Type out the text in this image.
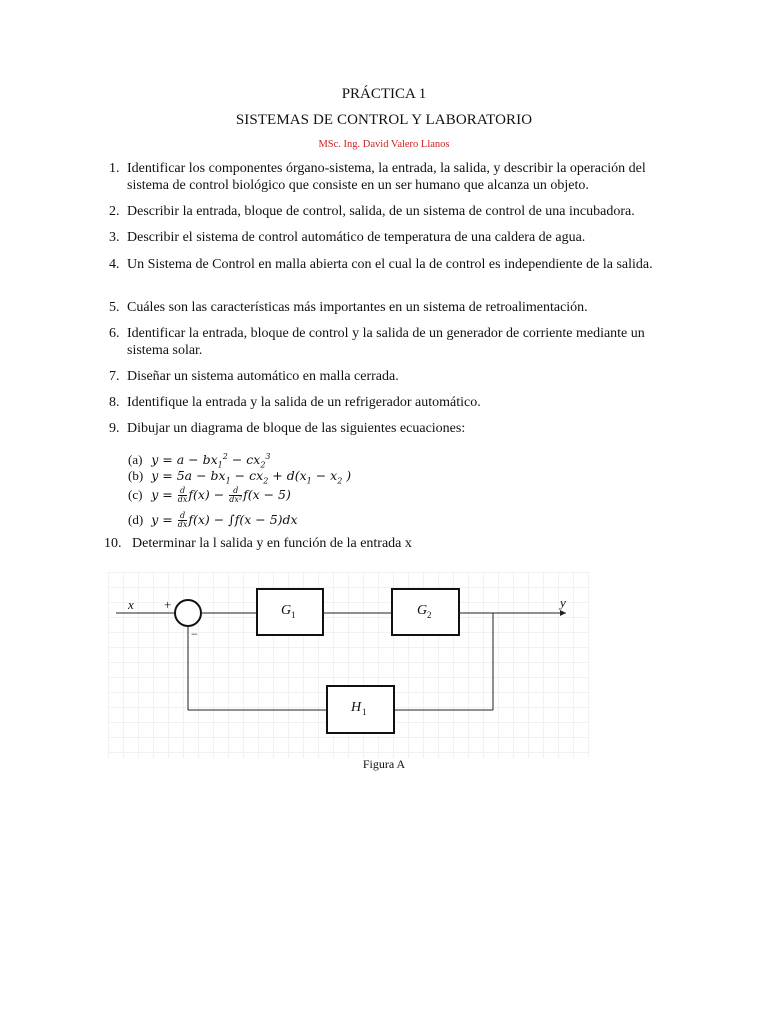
PRÁCTICA 1
SISTEMAS DE CONTROL Y LABORATORIO
MSc. Ing. David Valero Llanos
1. Identificar los componentes órgano-sistema, la entrada, la salida, y describir la operación del sistema de control biológico que consiste en un ser humano que alcanza un objeto.
2. Describir la entrada, bloque de control, salida, de un sistema de control de una incubadora.
3. Describir el sistema de control automático de temperatura de una caldera de agua.
4. Un Sistema de Control en malla abierta con el cual la de control es independiente de la salida.
5. Cuáles son las características más importantes en un sistema de retroalimentación.
6. Identificar la entrada, bloque de control y la salida de un generador de corriente mediante un sistema solar.
7. Diseñar un sistema automático en malla cerrada.
8. Identifique la entrada y la salida de un refrigerador automático.
9. Dibujar un diagrama de bloque de las siguientes ecuaciones:
(a) $y = a - bx_1^2 - cx_2^3$
(b) $y = 5a - bx_1 - cx_2 + d(x_1 - x_2$ )
(c) $y = \frac{d}{dx} f(x) - \frac{d}{\text{dx²}} f(x - 5)$
(d) $y = \frac{d}{dx} f(x) - \int f(x - 5)dx$
10. Determinar la l salida y en función de la entrada x
x +
−
y
G 1	G 2
H 1
Figura A
